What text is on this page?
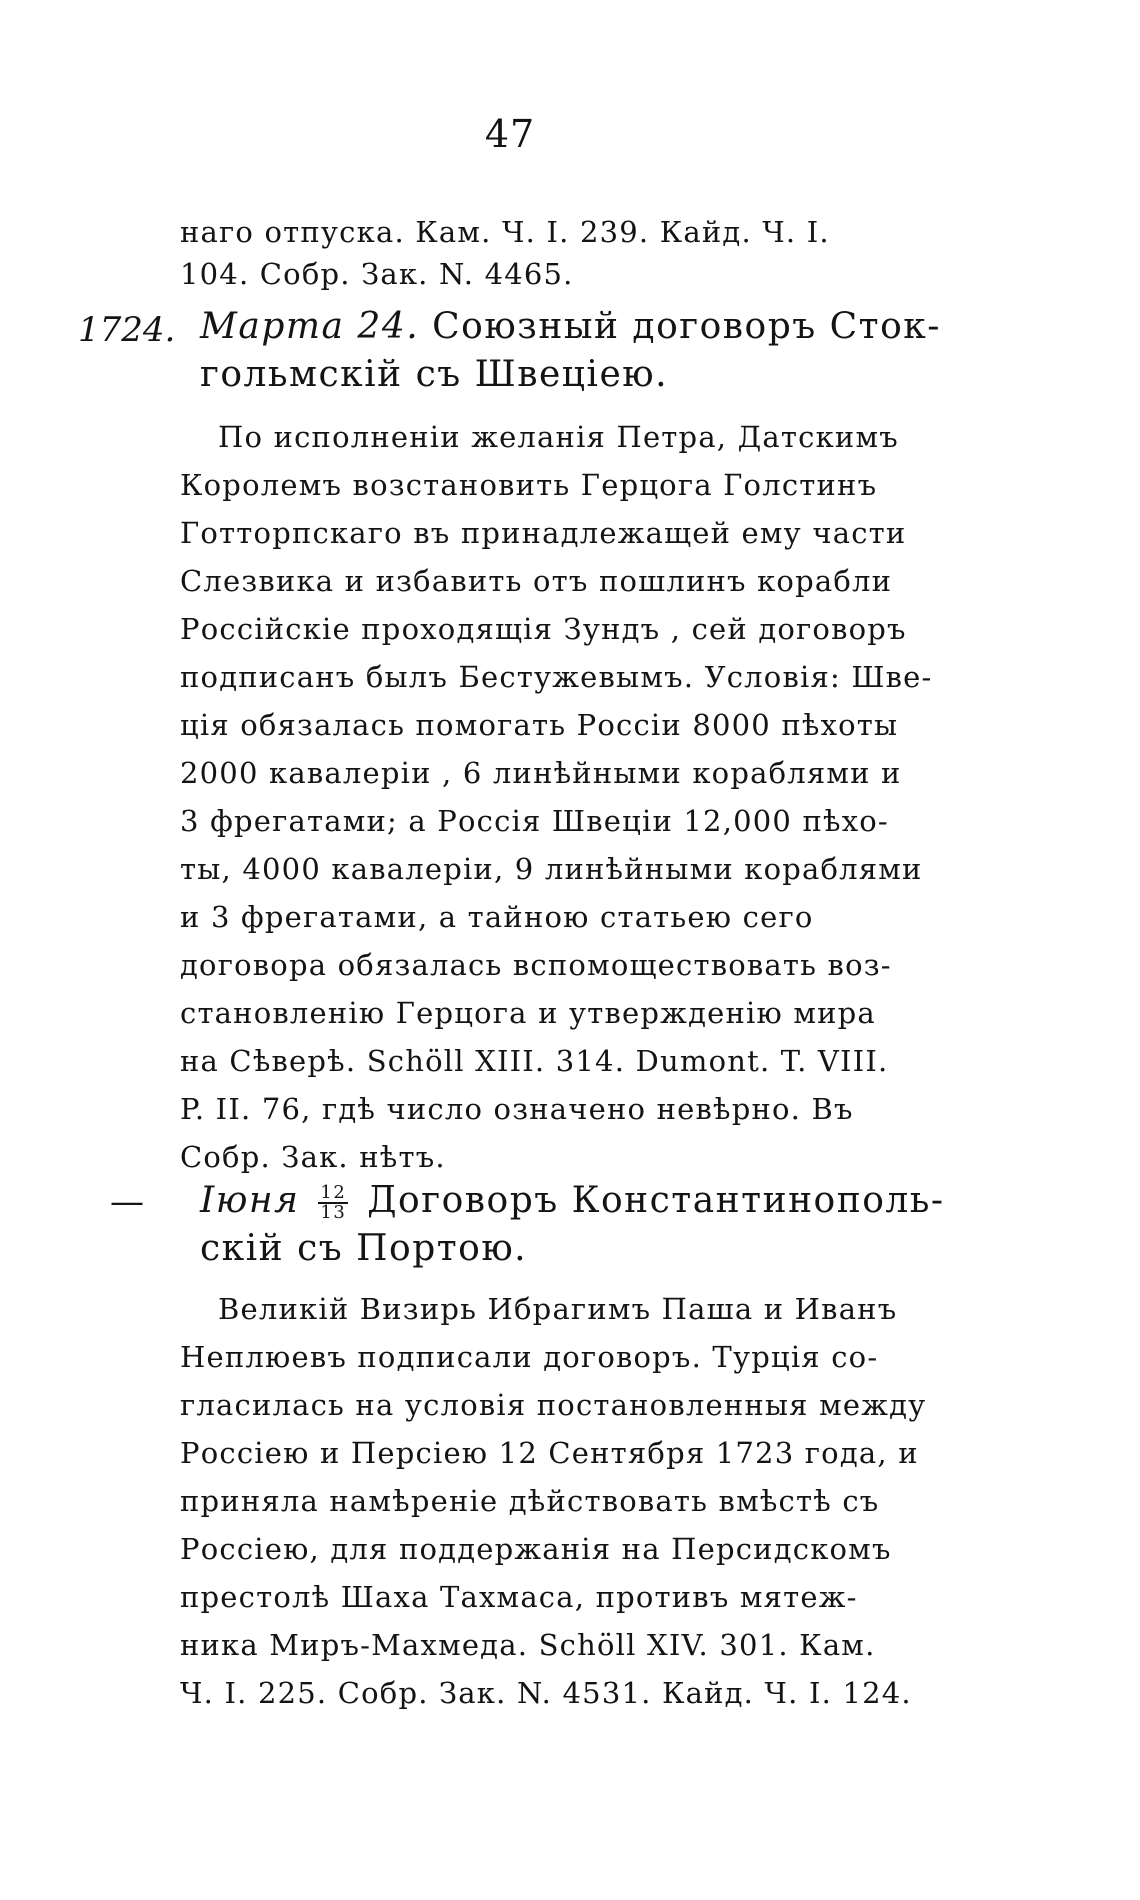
47
наго отпуска. Кам. Ч. I. 239. Кайд. Ч. I.
104. Собр. Зак. N. 4465.
1724. Марта 24. Союзный договоръ Сток-
гольмскій съ Швеціею.
По исполненіи желанія Петра, Датскимъ
Королемъ возстановить Герцога Голстинъ
Готторпскаго въ принадлежащей ему части
Слезвика и избавить отъ пошлинъ корабли
Россійскіе проходящія Зундъ , сей договоръ
подписанъ былъ Бестужевымъ. Условія: Шве-
ція обязалась помогать Россіи 8000 пѣхоты
2000 кавалеріи , 6 линѣйными кораблями и
3 фрегатами; а Россія Швеціи 12,000 пѣхо-
ты, 4000 кавалеріи, 9 линѣйными кораблями
и 3 фрегатами, а тайною статьею сего
договора обязалась вспомоществовать воз-
становленію Герцога и утвержденію мира
на Сѣверѣ. Schöll XIII. 314. Dumont. T. VIII.
P. II. 76, гдѣ число означено невѣрно. Въ
Собр. Зак. нѣтъ.
— Іюня $\frac{12}{13}$ Договоръ Константинополь-
скій съ Портою.
Великій Визирь Ибрагимъ Паша и Иванъ
Неплюевъ подписали договоръ. Турція со-
гласилась на условія постановленныя между
Россіею и Персіею 12 Сентября 1723 года, и
приняла намѣреніе дѣйствовать вмѣстѣ съ
Россіею, для поддержанія на Персидскомъ
престолѣ Шаха Тахмаса, противъ мятеж-
ника Миръ-Махмеда. Schöll XIV. 301. Кам.
Ч. I. 225. Собр. Зак. N. 4531. Кайд. Ч. I. 124.
